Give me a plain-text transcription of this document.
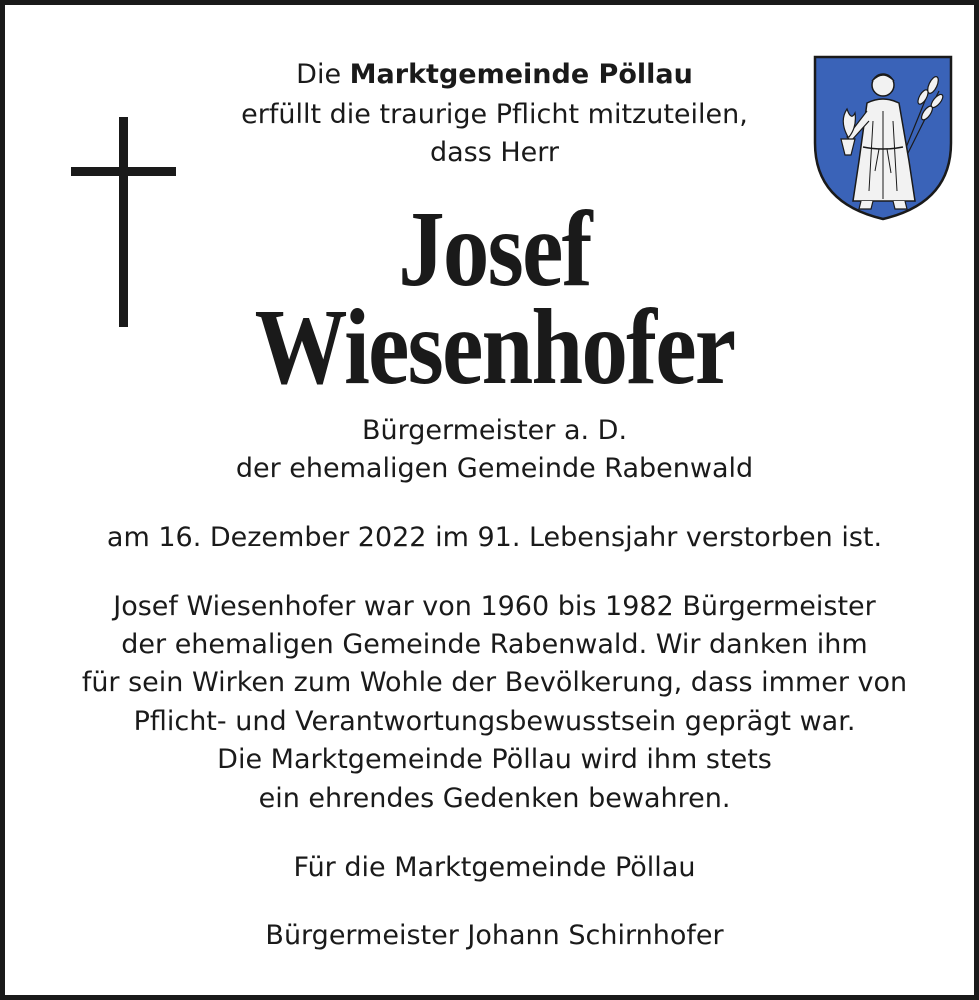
Die Marktgemeinde Pöllau
erfüllt die traurige Pflicht mitzuteilen,
dass Herr
Josef
Wiesenhofer
Bürgermeister a. D.
der ehemaligen Gemeinde Rabenwald
am 16. Dezember 2022 im 91. Lebensjahr verstorben ist.
Josef Wiesenhofer war von 1960 bis 1982 Bürgermeister
der ehemaligen Gemeinde Rabenwald. Wir danken ihm
für sein Wirken zum Wohle der Bevölkerung, dass immer von
Pflicht- und Verantwortungsbewusstsein geprägt war.
Die Marktgemeinde Pöllau wird ihm stets
ein ehrendes Gedenken bewahren.
Für die Marktgemeinde Pöllau
Bürgermeister Johann Schirnhofer
